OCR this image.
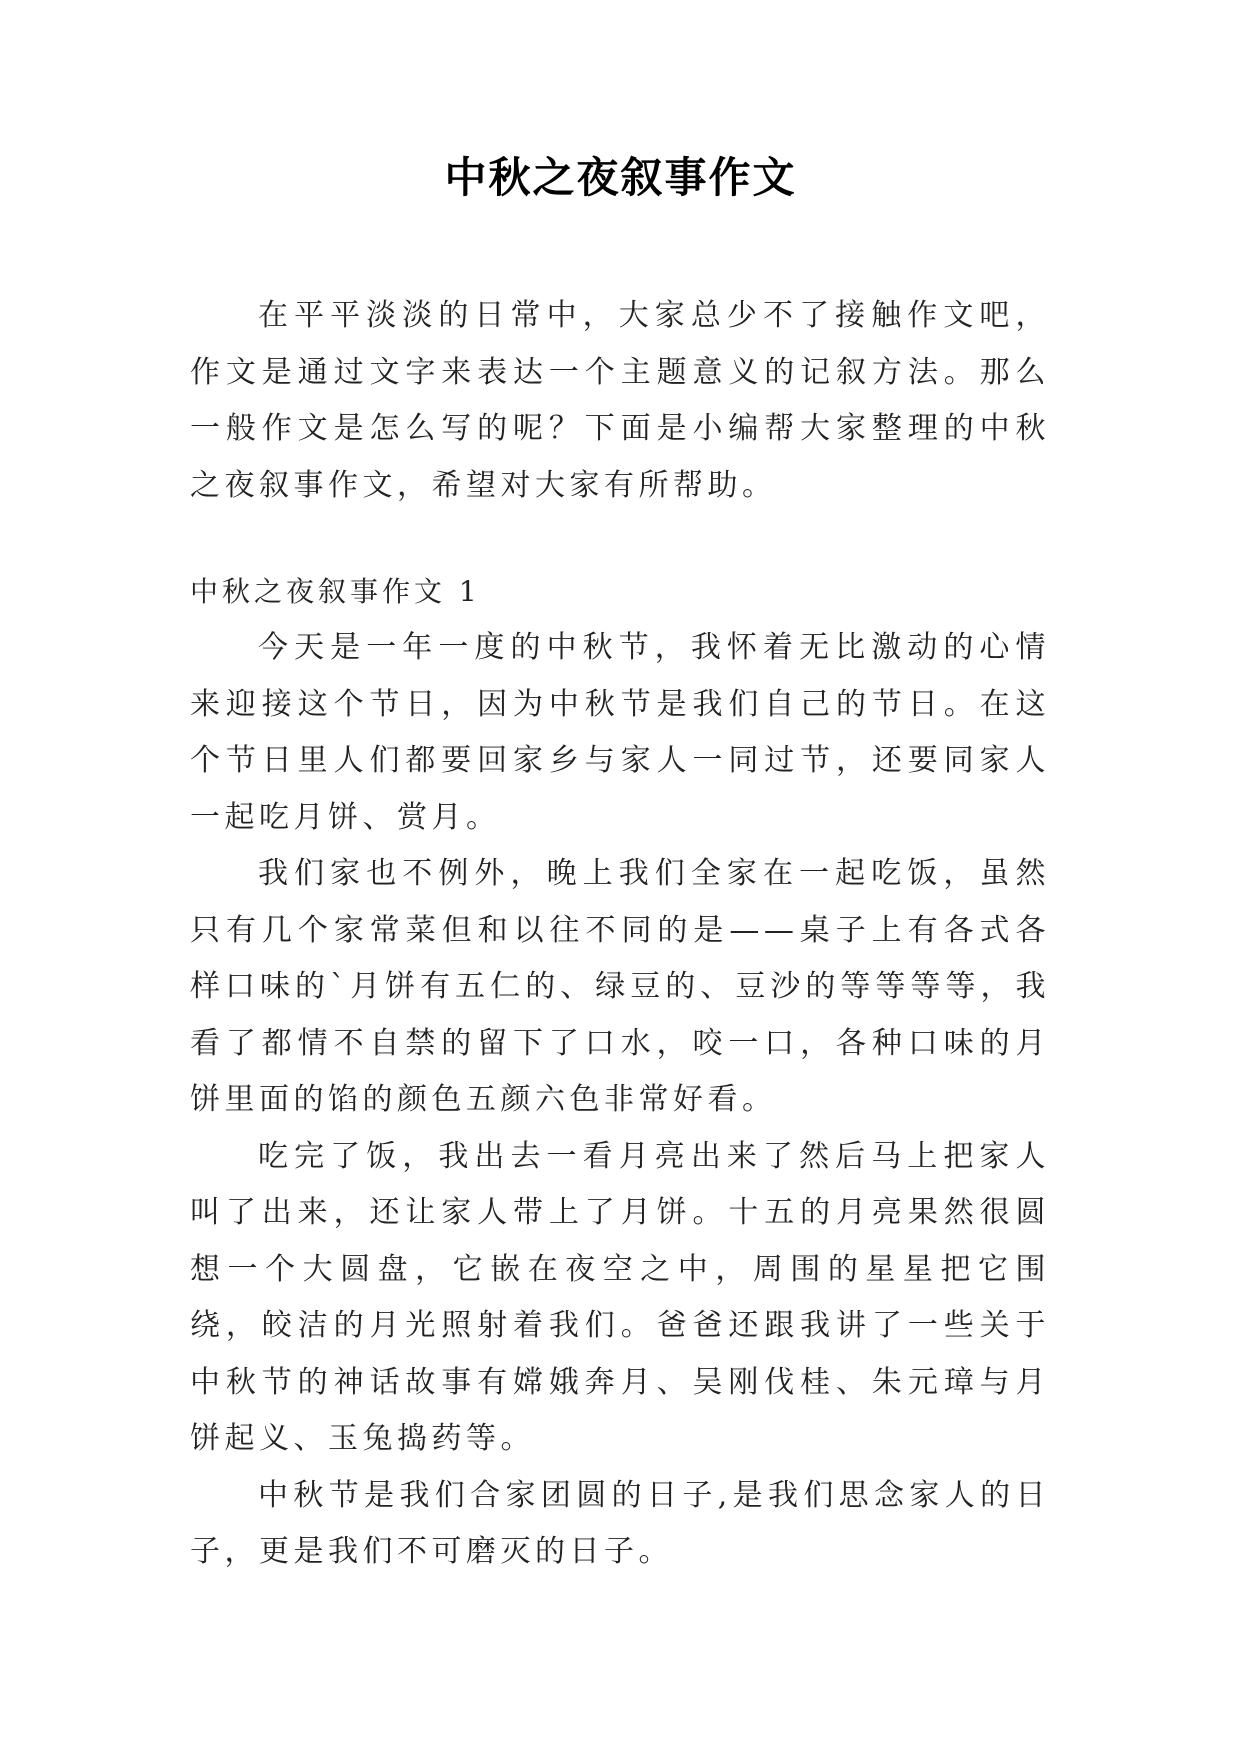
中秋之夜叙事作文

在平平淡淡的日常中，大家总少不了接触作文吧，作文是通过文字来表达一个主题意义的记叙方法。那么一般作文是怎么写的呢？下面是小编帮大家整理的中秋之夜叙事作文，希望对大家有所帮助。

中秋之夜叙事作文 1

今天是一年一度的中秋节，我怀着无比激动的心情来迎接这个节日，因为中秋节是我们自己的节日。在这个节日里人们都要回家乡与家人一同过节，还要同家人一起吃月饼、赏月。

我们家也不例外，晚上我们全家在一起吃饭，虽然只有几个家常菜但和以往不同的是——桌子上有各式各样口味的`月饼有五仁的、绿豆的、豆沙的等等等等，我看了都情不自禁的留下了口水，咬一口，各种口味的月饼里面的馅的颜色五颜六色非常好看。

吃完了饭，我出去一看月亮出来了然后马上把家人叫了出来，还让家人带上了月饼。十五的月亮果然很圆想一个大圆盘，它嵌在夜空之中，周围的星星把它围绕，皎洁的月光照射着我们。爸爸还跟我讲了一些关于中秋节的神话故事有嫦娥奔月、吴刚伐桂、朱元璋与月饼起义、玉兔捣药等。

中秋节是我们合家团圆的日子,是我们思念家人的日子，更是我们不可磨灭的日子。
